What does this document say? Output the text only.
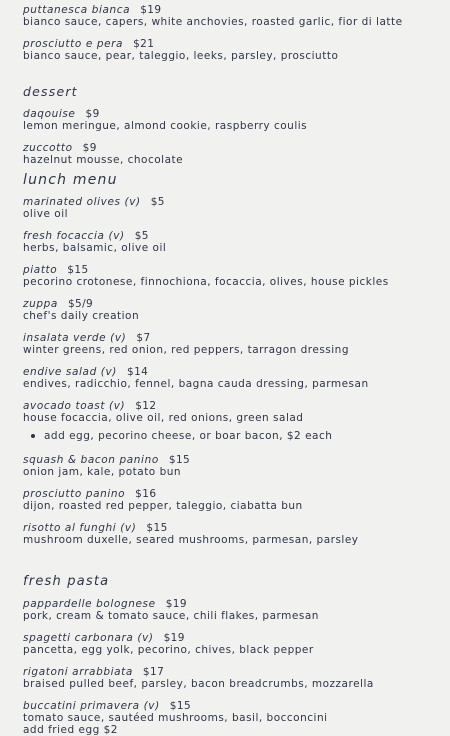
puttanesca bianca $19
bianco sauce, capers, white anchovies, roasted garlic, fior di latte
prosciutto e pera $21
bianco sauce, pear, taleggio, leeks, parsley, prosciutto
dessert
daqouise $9
lemon meringue, almond cookie, raspberry coulis
zuccotto $9
hazelnut mousse, chocolate
lunch menu
marinated olives (v) $5
olive oil
fresh focaccia (v) $5
herbs, balsamic, olive oil
piatto $15
pecorino crotonese, finnochiona, focaccia, olives, house pickles
zuppa $5/9
chef's daily creation
insalata verde (v) $7
winter greens, red onion, red peppers, tarragon dressing
endive salad (v) $14
endives, radicchio, fennel, bagna cauda dressing, parmesan
avocado toast (v) $12
house focaccia, olive oil, red onions, green salad
add egg, pecorino cheese, or boar bacon, $2 each
squash & bacon panino $15
onion jam, kale, potato bun
prosciutto panino $16
dijon, roasted red pepper, taleggio, ciabatta bun
risotto al funghi (v) $15
mushroom duxelle, seared mushrooms, parmesan, parsley
fresh pasta
pappardelle bolognese $19
pork, cream & tomato sauce, chili flakes, parmesan
spagetti carbonara (v) $19
pancetta, egg yolk, pecorino, chives, black pepper
rigatoni arrabbiata $17
braised pulled beef, parsley, bacon breadcrumbs, mozzarella
buccatini primavera (v) $15
tomato sauce, sautéed mushrooms, basil, bocconcini
add fried egg $2
